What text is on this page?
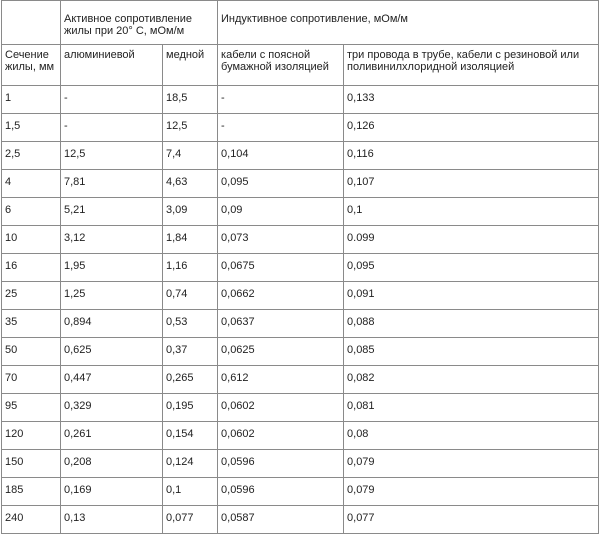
	Активное сопротивление жилы при 20° С, мОм/м		Индуктивное сопротивление, мОм/м	
Сечение жилы, мм	алюминиевой	медной	кабели с поясной бумажной изоляцией	три провода в трубе, кабели с резиновой или поливинилхлоридной изоляцией
1	-	18,5	-	0,133
1,5	-	12,5	-	0,126
2,5	12,5	7,4	0,104	0,116
4	7,81	4,63	0,095	0,107
6	5,21	3,09	0,09	0,1
10	3,12	1,84	0,073	0.099
16	1,95	1,16	0,0675	0,095
25	1,25	0,74	0,0662	0,091
35	0,894	0,53	0,0637	0,088
50	0,625	0,37	0,0625	0,085
70	0,447	0,265	0,612	0,082
95	0,329	0,195	0,0602	0,081
120	0,261	0,154	0,0602	0,08
150	0,208	0,124	0,0596	0,079
185	0,169	0,1	0,0596	0,079
240	0,13	0,077	0,0587	0,077
